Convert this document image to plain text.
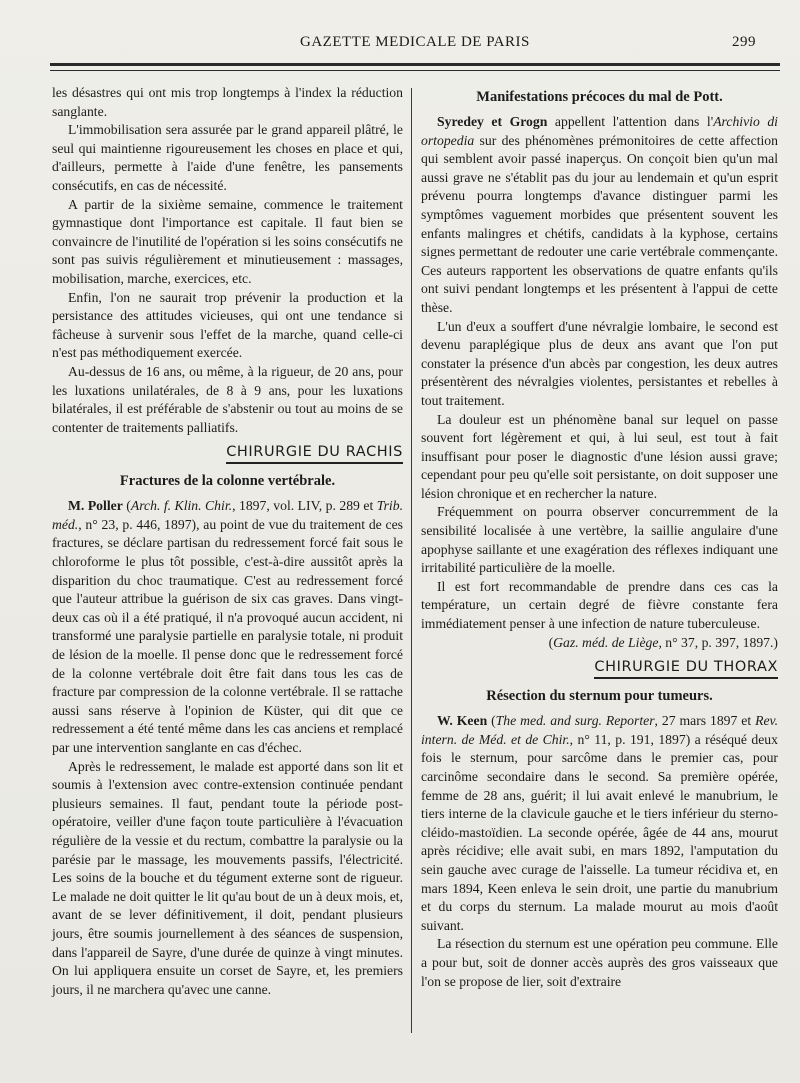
GAZETTE MEDICALE DE PARIS	299

les désastres qui ont mis trop longtemps à l'index la réduction sanglante.

L'immobilisation sera assurée par le grand appareil plâtré, le seul qui maintienne rigoureusement les choses en place et qui, d'ailleurs, permette à l'aide d'une fenêtre, les pansements consécutifs, en cas de nécessité.

A partir de la sixième semaine, commence le traitement gymnastique dont l'importance est capitale. Il faut bien se convaincre de l'inutilité de l'opération si les soins consécutifs ne sont pas suivis régulièrement et minutieusement : massages, mobilisation, marche, exercices, etc.

Enfin, l'on ne saurait trop prévenir la production et la persistance des attitudes vicieuses, qui ont une tendance si fâcheuse à survenir sous l'effet de la marche, quand celle-ci n'est pas méthodiquement exercée.

Au-dessus de 16 ans, ou même, à la rigueur, de 20 ans, pour les luxations unilatérales, de 8 à 9 ans, pour les luxations bilatérales, il est préférable de s'abstenir ou tout au moins de se contenter de traitements palliatifs.

CHIRURGIE DU RACHIS
Fractures de la colonne vertébrale.

M. Poller (Arch. f. Klin. Chir., 1897, vol. LIV, p. 289 et Trib. méd., n° 23, p. 446, 1897), au point de vue du traitement de ces fractures, se déclare partisan du redressement forcé fait sous le chloroforme le plus tôt possible, c'est-à-dire aussitôt après la disparition du choc traumatique. C'est au redressement forcé que l'auteur attribue la guérison de six cas graves. Dans vingt-deux cas où il a été pratiqué, il n'a provoqué aucun accident, ni transformé une paralysie partielle en paralysie totale, ni produit de lésion de la moelle. Il pense donc que le redressement forcé de la colonne vertébrale doit être fait dans tous les cas de fracture par compression de la colonne vertébrale. Il se rattache aussi sans réserve à l'opinion de Küster, qui dit que ce redressement a été tenté même dans les cas anciens et remplacé par une intervention sanglante en cas d'échec.

Après le redressement, le malade est apporté dans son lit et soumis à l'extension avec contre-extension continuée pendant plusieurs semaines. Il faut, pendant toute la période post-opératoire, veiller d'une façon toute particulière à l'évacuation régulière de la vessie et du rectum, combattre la paralysie ou la parésie par le massage, les mouvements passifs, l'électricité. Les soins de la bouche et du tégument externe sont de rigueur. Le malade ne doit quitter le lit qu'au bout de un à deux mois, et, avant de se lever définitivement, il doit, pendant plusieurs jours, être soumis journellement à des séances de suspension, dans l'appareil de Sayre, d'une durée de quinze à vingt minutes. On lui appliquera ensuite un corset de Sayre, et, les premiers jours, il ne marchera qu'avec une canne.

Manifestations précoces du mal de Pott.

Syredey et Grogn appellent l'attention dans l'Archivio di ortopedia sur des phénomènes prémonitoires de cette affection qui semblent avoir passé inaperçus. On conçoit bien qu'un mal aussi grave ne s'établit pas du jour au lendemain et qu'un esprit prévenu pourra longtemps d'avance distinguer parmi les symptômes vaguement morbides que présentent souvent les enfants malingres et chétifs, candidats à la kyphose, certains signes permettant de redouter une carie vertébrale commençante. Ces auteurs rapportent les observations de quatre enfants qu'ils ont suivi pendant longtemps et les présentent à l'appui de cette thèse.

L'un d'eux a souffert d'une névralgie lombaire, le second est devenu paraplégique plus de deux ans avant que l'on put constater la présence d'un abcès par congestion, les deux autres présentèrent des névralgies violentes, persistantes et rebelles à tout traitement.

La douleur est un phénomène banal sur lequel on passe souvent fort légèrement et qui, à lui seul, est tout à fait insuffisant pour poser le diagnostic d'une lésion aussi grave; cependant pour peu qu'elle soit persistante, on doit supposer une lésion chronique et en rechercher la nature.

Fréquemment on pourra observer concurremment de la sensibilité localisée à une vertèbre, la saillie angulaire d'une apophyse saillante et une exagération des réflexes indiquant une irritabilité particulière de la moelle.

Il est fort recommandable de prendre dans ces cas la température, un certain degré de fièvre constante fera immédiatement penser à une infection de nature tuberculeuse.

(Gaz. méd. de Liège, n° 37, p. 397, 1897.)

CHIRURGIE DU THORAX
Résection du sternum pour tumeurs.

W. Keen (The med. and surg. Reporter, 27 mars 1897 et Rev. intern. de Méd. et de Chir., n° 11, p. 191, 1897) a réséqué deux fois le sternum, pour sarcôme dans le premier cas, pour carcinôme secondaire dans le second. Sa première opérée, femme de 28 ans, guérit; il lui avait enlevé le manubrium, le tiers interne de la clavicule gauche et le tiers inférieur du sterno-cléido-mastoïdien. La seconde opérée, âgée de 44 ans, mourut après récidive; elle avait subi, en mars 1892, l'amputation du sein gauche avec curage de l'aisselle. La tumeur récidiva et, en mars 1894, Keen enleva le sein droit, une partie du manubrium et du corps du sternum. La malade mourut au mois d'août suivant.

La résection du sternum est une opération peu commune. Elle a pour but, soit de donner accès auprès des gros vaisseaux que l'on se propose de lier, soit d'extraire
